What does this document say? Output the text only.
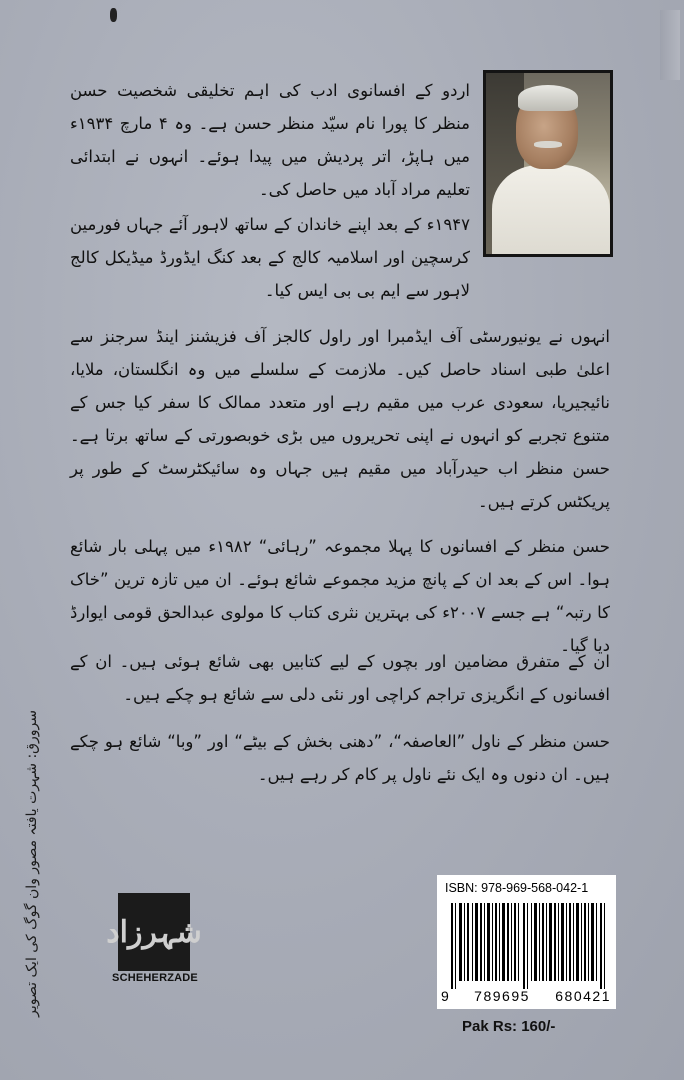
اردو کے افسانوی ادب کی اہم تخلیقی شخصیت حسن منظر کا پورا نام سیّد منظر حسن ہے۔ وہ ۴ مارچ ۱۹۳۴ء میں ہاپڑ، اتر پردیش میں پیدا ہوئے۔ انہوں نے ابتدائی تعلیم مراد آباد میں حاصل کی۔
۱۹۴۷ء کے بعد اپنے خاندان کے ساتھ لاہور آئے جہاں فورمین کرسچین اور اسلامیہ کالج کے بعد کنگ ایڈورڈ میڈیکل کالج لاہور سے ایم بی بی ایس کیا۔
انہوں نے یونیورسٹی آف ایڈمبرا اور راول کالجز آف فزیشنز اینڈ سرجنز سے اعلیٰ طبی اسناد حاصل کیں۔ ملازمت کے سلسلے میں وہ انگلستان، ملایا، نائیجیریا، سعودی عرب میں مقیم رہے اور متعدد ممالک کا سفر کیا جس کے متنوع تجربے کو انہوں نے اپنی تحریروں میں بڑی خوبصورتی کے ساتھ برتا ہے۔ حسن منظر اب حیدرآباد میں مقیم ہیں جہاں وہ سائیکٹرسٹ کے طور پر پریکٹس کرتے ہیں۔
حسن منظر کے افسانوں کا پہلا مجموعہ ”رہائی“ ۱۹۸۲ء میں پہلی بار شائع ہوا۔ اس کے بعد ان کے پانچ مزید مجموعے شائع ہوئے۔ ان میں تازہ ترین ”خاک کا رتبہ“ ہے جسے ۲۰۰۷ء کی بہترین نثری کتاب کا مولوی عبدالحق قومی ایوارڈ دیا گیا۔
ان کے متفرق مضامین اور بچوں کے لیے کتابیں بھی شائع ہوئی ہیں۔ ان کے افسانوں کے انگریزی تراجم کراچی اور نئی دلی سے شائع ہو چکے ہیں۔
حسن منظر کے ناول ”العاصفہ“، ”دھنی بخش کے بیٹے“ اور ”وبا“ شائع ہو چکے ہیں۔ ان دنوں وہ ایک نئے ناول پر کام کر رہے ہیں۔
سرورق: شہرت یافتہ مصور وان گوگ کی ایک تصویر شہرزاد
SCHEHERZADE
ISBN: 978-969-568-042-1
9 789695 680421
Pak Rs: 160/-
